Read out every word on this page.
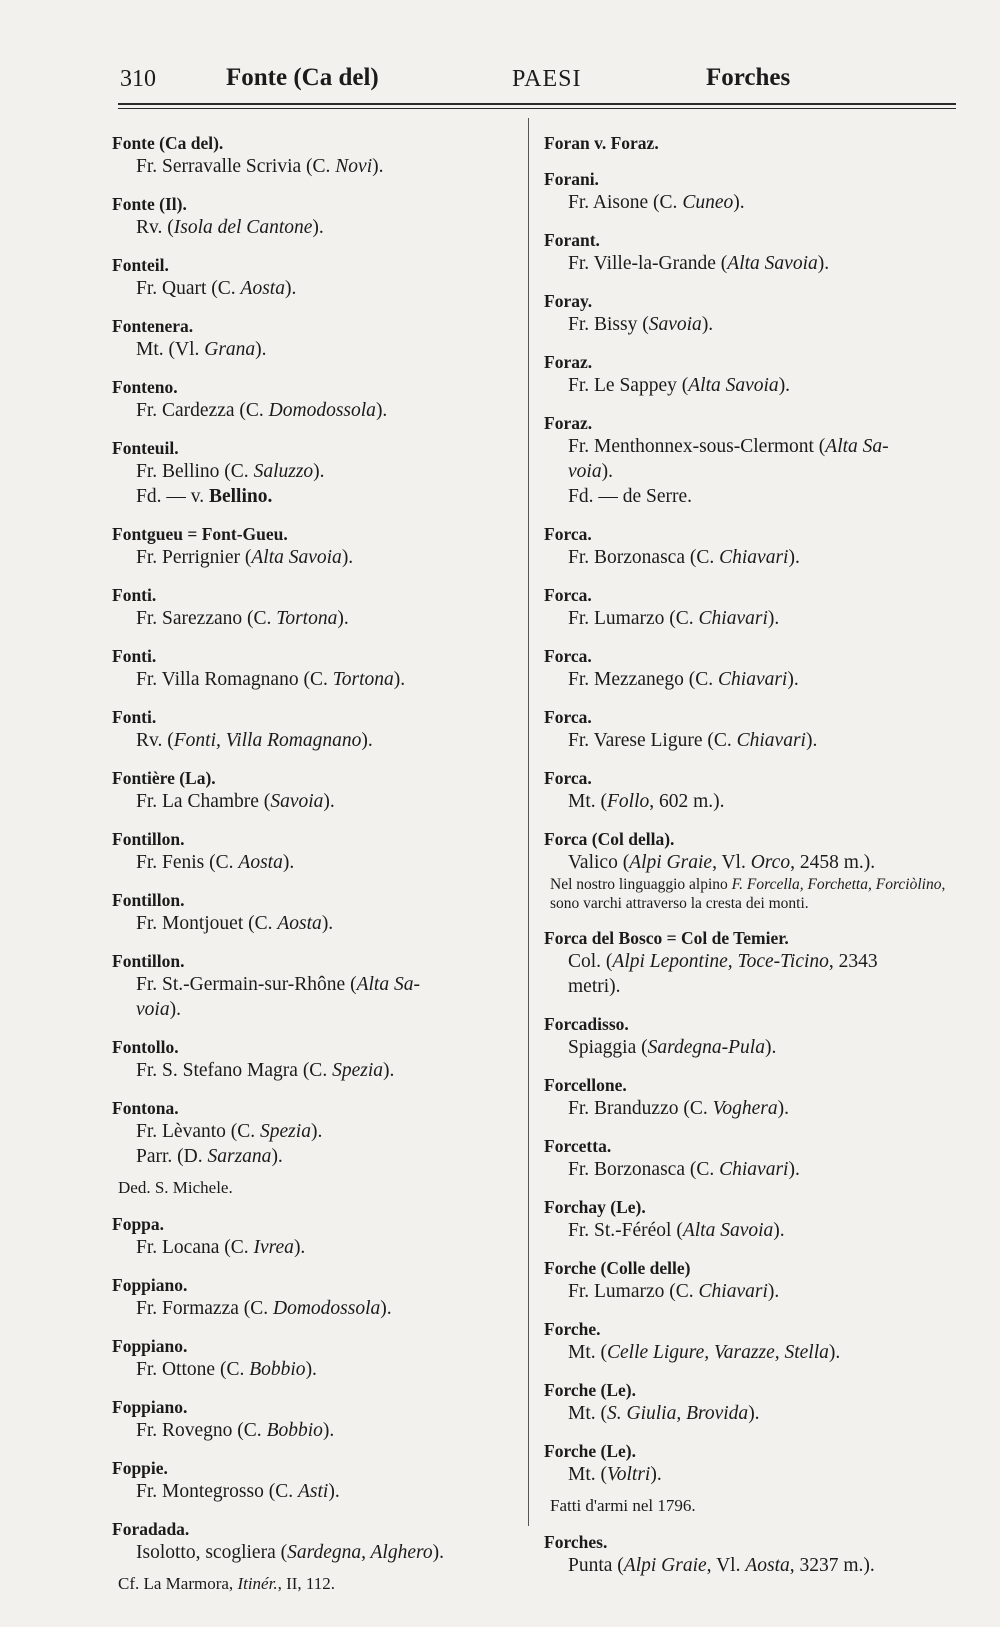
310	Fonte (Ca del)	PAESI	Forches
Fonte (Ca del).
Fr. Serravalle Scrivia (C. Novi).
Fonte (Il).
Rv. (Isola del Cantone).
Fonteil.
Fr. Quart (C. Aosta).
Fontenera.
Mt. (Vl. Grana).
Fonteno.
Fr. Cardezza (C. Domodossola).
Fonteuil.
Fr. Bellino (C. Saluzzo).
Fd. — v. Bellino.
Fontgueu = Font-Gueu.
Fr. Perrignier (Alta Savoia).
Fonti.
Fr. Sarezzano (C. Tortona).
Fonti.
Fr. Villa Romagnano (C. Tortona).
Fonti.
Rv. (Fonti, Villa Romagnano).
Fontière (La).
Fr. La Chambre (Savoia).
Fontillon.
Fr. Fenis (C. Aosta).
Fontillon.
Fr. Montjouet (C. Aosta).
Fontillon.
Fr. St.-Germain-sur-Rhône (Alta Sa-
voia).
Fontollo.
Fr. S. Stefano Magra (C. Spezia).
Fontona.
Fr. Lèvanto (C. Spezia).
Parr. (D. Sarzana).
Ded. S. Michele.
Foppa.
Fr. Locana (C. Ivrea).
Foppiano.
Fr. Formazza (C. Domodossola).
Foppiano.
Fr. Ottone (C. Bobbio).
Foppiano.
Fr. Rovegno (C. Bobbio).
Foppie.
Fr. Montegrosso (C. Asti).
Foradada.
Isolotto, scogliera (Sardegna, Alghero).
Cf. La Marmora, Itinér., II, 112.
Foran v. Foraz.
Forani.
Fr. Aisone (C. Cuneo).
Forant.
Fr. Ville-la-Grande (Alta Savoia).
Foray.
Fr. Bissy (Savoia).
Foraz.
Fr. Le Sappey (Alta Savoia).
Foraz.
Fr. Menthonnex-sous-Clermont (Alta Sa-
voia).
Fd. — de Serre.
Forca.
Fr. Borzonasca (C. Chiavari).
Forca.
Fr. Lumarzo (C. Chiavari).
Forca.
Fr. Mezzanego (C. Chiavari).
Forca.
Fr. Varese Ligure (C. Chiavari).
Forca.
Mt. (Follo, 602 m.).
Forca (Col della).
Valico (Alpi Graie, Vl. Orco, 2458 m.).
Nel nostro linguaggio alpino F. Forcella, Forchetta, Forciòlino, sono varchi attraverso la cresta dei monti.
Forca del Bosco = Col de Temier.
Col. (Alpi Lepontine, Toce-Ticino, 2343
metri).
Forcadisso.
Spiaggia (Sardegna-Pula).
Forcellone.
Fr. Branduzzo (C. Voghera).
Forcetta.
Fr. Borzonasca (C. Chiavari).
Forchay (Le).
Fr. St.-Féréol (Alta Savoia).
Forche (Colle delle)
Fr. Lumarzo (C. Chiavari).
Forche.
Mt. (Celle Ligure, Varazze, Stella).
Forche (Le).
Mt. (S. Giulia, Brovida).
Forche (Le).
Mt. (Voltri).
Fatti d'armi nel 1796.
Forches.
Punta (Alpi Graie, Vl. Aosta, 3237 m.).
